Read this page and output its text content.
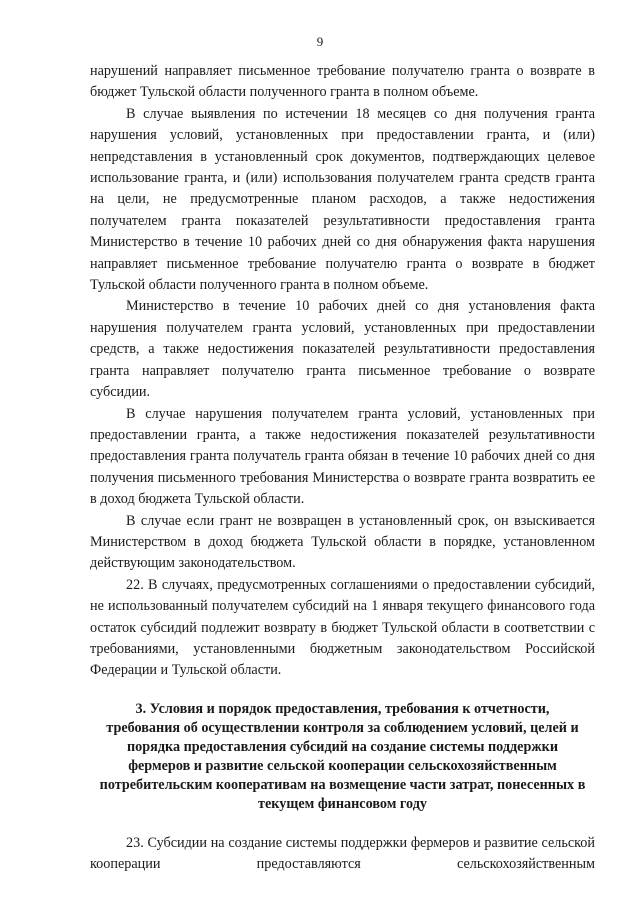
9

нарушений направляет письменное требование получателю гранта о возврате в бюджет Тульской области полученного гранта в полном объеме.

В случае выявления по истечении 18 месяцев со дня получения гранта нарушения условий, установленных при предоставлении гранта, и (или) непредставления в установленный срок документов, подтверждающих целевое использование гранта, и (или) использования получателем гранта средств гранта на цели, не предусмотренные планом расходов, а также недостижения получателем гранта показателей результативности предоставления гранта Министерство в течение 10 рабочих дней со дня обнаружения факта нарушения направляет письменное требование получателю гранта о возврате в бюджет Тульской области полученного гранта в полном объеме.

Министерство в течение 10 рабочих дней со дня установления факта нарушения получателем гранта условий, установленных при предоставлении средств, а также недостижения показателей результативности предоставления гранта направляет получателю гранта письменное требование о возврате субсидии.

В случае нарушения получателем гранта условий, установленных при предоставлении гранта, а также недостижения показателей результативности предоставления гранта получатель гранта обязан в течение 10 рабочих дней со дня получения письменного требования Министерства о возврате гранта возвратить ее в доход бюджета Тульской области.

В случае если грант не возвращен в установленный срок, он взыскивается Министерством в доход бюджета Тульской области в порядке, установленном действующим законодательством.

22. В случаях, предусмотренных соглашениями о предоставлении субсидий, не использованный получателем субсидий на 1 января текущего финансового года остаток субсидий подлежит возврату в бюджет Тульской области в соответствии с требованиями, установленными бюджетным законодательством Российской Федерации и Тульской области.

3. Условия и порядок предоставления, требования к отчетности, требования об осуществлении контроля за соблюдением условий, целей и порядка предоставления субсидий на создание системы поддержки фермеров и развитие сельской кооперации сельскохозяйственным потребительским кооперативам на возмещение части затрат, понесенных в текущем финансовом году

23. Субсидии на создание системы поддержки фермеров и развитие сельской кооперации предоставляются сельскохозяйственным
